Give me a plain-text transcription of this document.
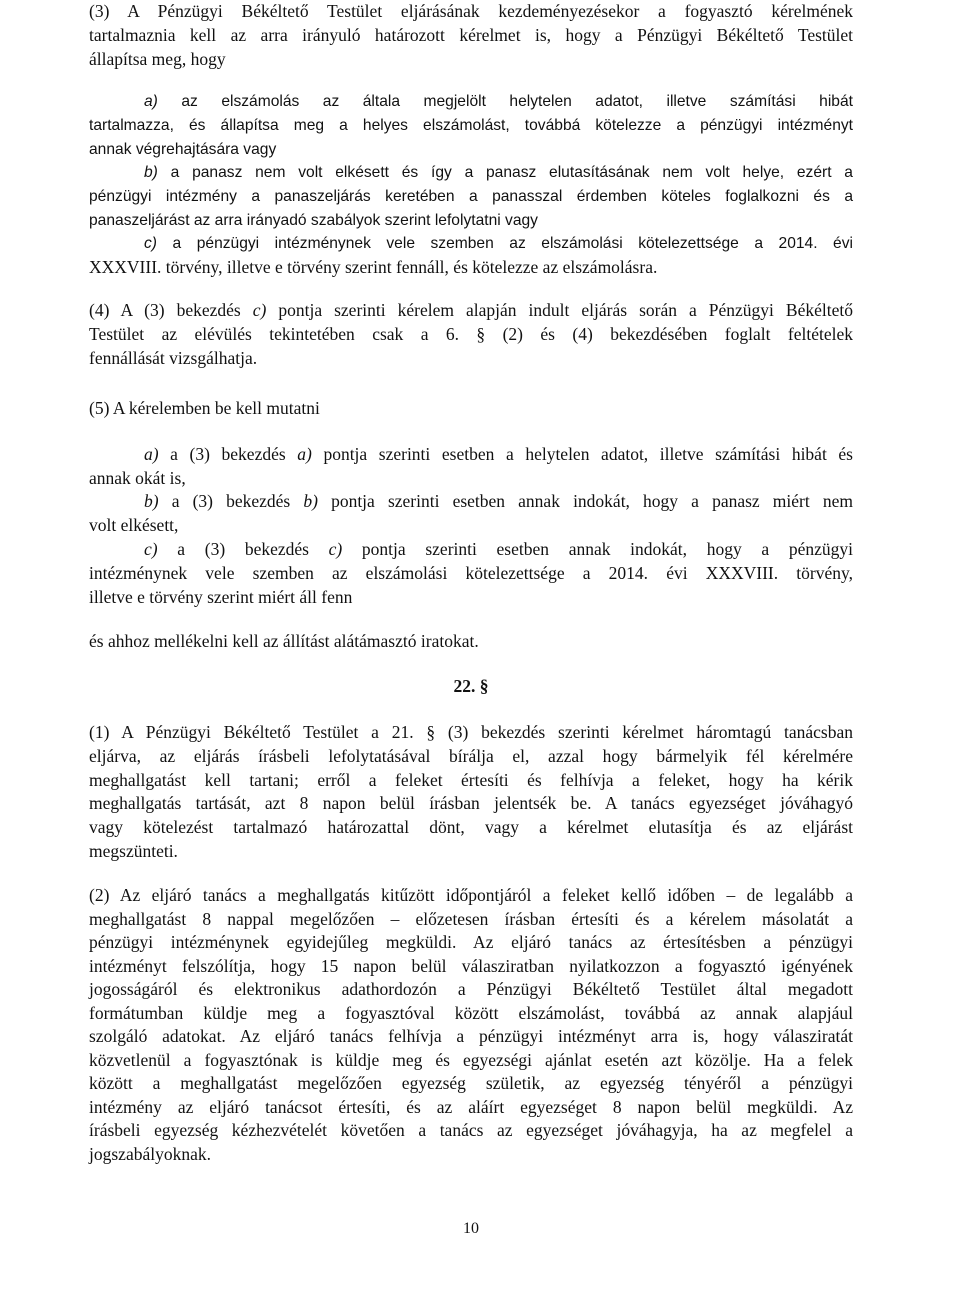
(3) A Pénzügyi Békéltető Testület eljárásának kezdeményezésekor a fogyasztó kérelmének
tartalmaznia kell az arra irányuló határozott kérelmet is, hogy a Pénzügyi Békéltető Testület
állapítsa meg, hogy
a) az elszámolás az általa megjelölt helytelen adatot, illetve számítási hibát
tartalmazza, és állapítsa meg a helyes elszámolást, továbbá kötelezze a pénzügyi intézményt
annak végrehajtására vagy
b) a panasz nem volt elkésett és így a panasz elutasításának nem volt helye, ezért a
pénzügyi intézmény a panaszeljárás keretében a panasszal érdemben köteles foglalkozni és a
panaszeljárást az arra irányadó szabályok szerint lefolytatni vagy
c) a pénzügyi intézménynek vele szemben az elszámolási kötelezettsége a 2014. évi
XXXVIII. törvény, illetve e törvény szerint fennáll, és kötelezze az elszámolásra.
(4) A (3) bekezdés c) pontja szerinti kérelem alapján indult eljárás során a Pénzügyi Békéltető
Testület az elévülés tekintetében csak a 6. § (2) és (4) bekezdésében foglalt feltételek
fennállását vizsgálhatja.
(5) A kérelemben be kell mutatni
a) a (3) bekezdés a) pontja szerinti esetben a helytelen adatot, illetve számítási hibát és
annak okát is,
b) a (3) bekezdés b) pontja szerinti esetben annak indokát, hogy a panasz miért nem
volt elkésett,
c) a (3) bekezdés c) pontja szerinti esetben annak indokát, hogy a pénzügyi
intézménynek vele szemben az elszámolási kötelezettsége a 2014. évi XXXVIII. törvény,
illetve e törvény szerint miért áll fenn
és ahhoz mellékelni kell az állítást alátámasztó iratokat.
22. §
(1) A Pénzügyi Békéltető Testület a 21. § (3) bekezdés szerinti kérelmet háromtagú tanácsban
eljárva, az eljárás írásbeli lefolytatásával bírálja el, azzal hogy bármelyik fél kérelmére
meghallgatást kell tartani; erről a feleket értesíti és felhívja a feleket, hogy ha kérik
meghallgatás tartását, azt 8 napon belül írásban jelentsék be. A tanács egyezséget jóváhagyó
vagy kötelezést tartalmazó határozattal dönt, vagy a kérelmet elutasítja és az eljárást
megszünteti.
(2) Az eljáró tanács a meghallgatás kitűzött időpontjáról a feleket kellő időben – de legalább a
meghallgatást 8 nappal megelőzően – előzetesen írásban értesíti és a kérelem másolatát a
pénzügyi intézménynek egyidejűleg megküldi. Az eljáró tanács az értesítésben a pénzügyi
intézményt felszólítja, hogy 15 napon belül válasziratban nyilatkozzon a fogyasztó igényének
jogosságáról és elektronikus adathordozón a Pénzügyi Békéltető Testület által megadott
formátumban küldje meg a fogyasztóval között elszámolást, továbbá az annak alapjául
szolgáló adatokat. Az eljáró tanács felhívja a pénzügyi intézményt arra is, hogy válasziratát
közvetlenül a fogyasztónak is küldje meg és egyezségi ajánlat esetén azt közölje. Ha a felek
között a meghallgatást megelőzően egyezség születik, az egyezség tényéről a pénzügyi
intézmény az eljáró tanácsot értesíti, és az aláírt egyezséget 8 napon belül megküldi. Az
írásbeli egyezség kézhezvételét követően a tanács az egyezséget jóváhagyja, ha az megfelel a
jogszabályoknak.
10
